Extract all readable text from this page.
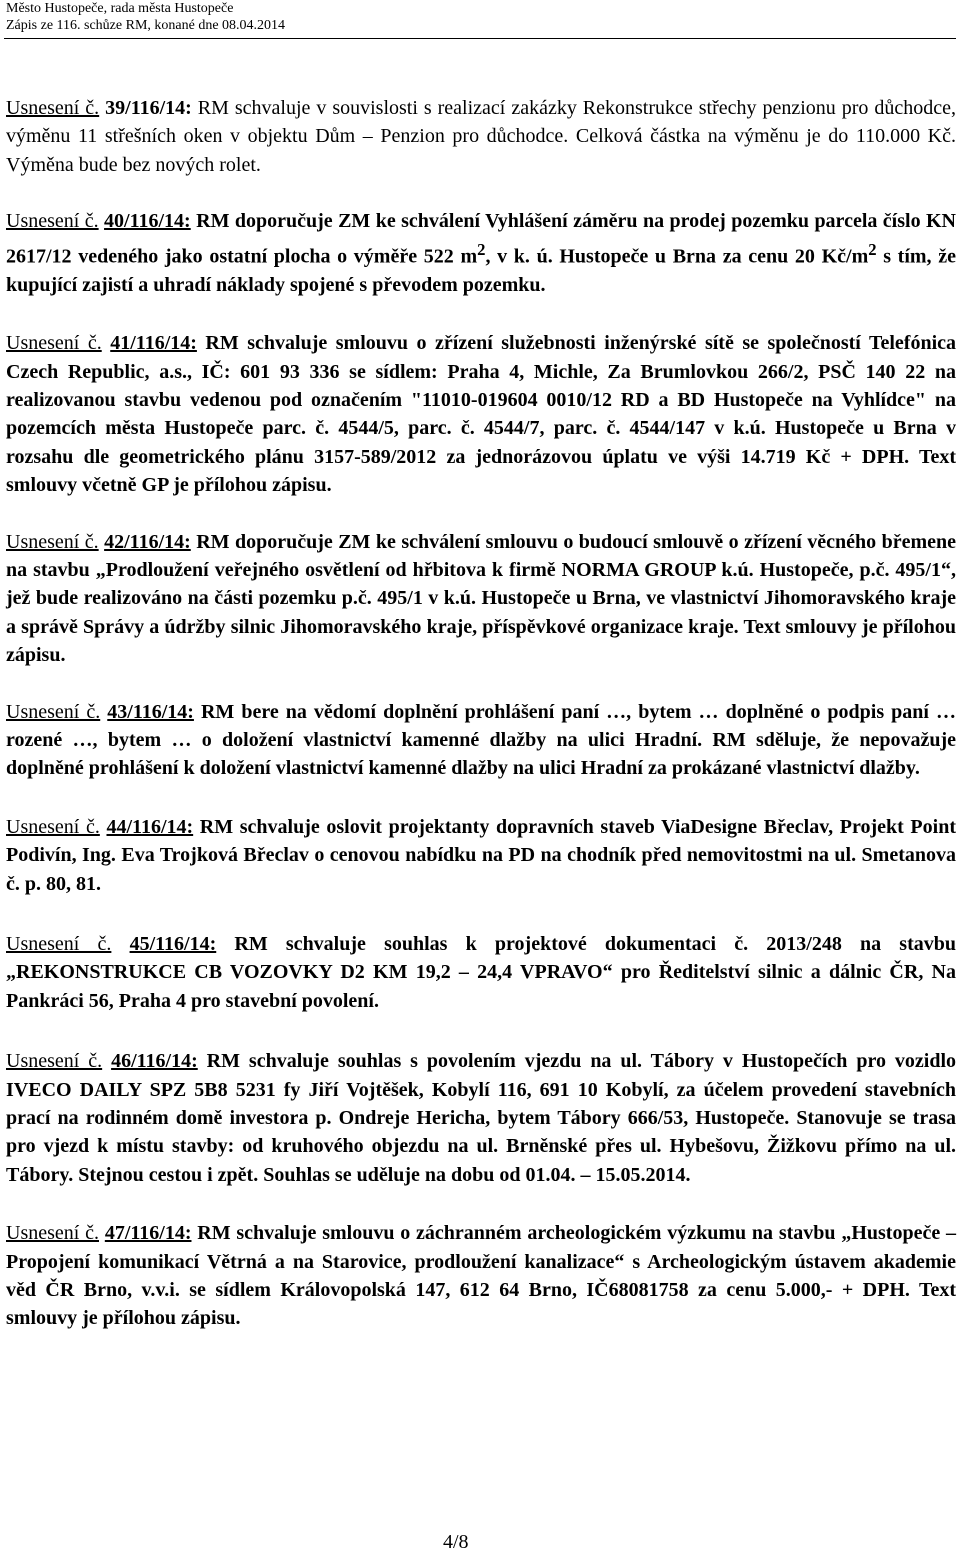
Město Hustopeče, rada města Hustopeče
Zápis ze 116. schůze RM, konané dne 08.04.2014

Usnesení č. 39/116/14: RM schvaluje v souvislosti s realizací zakázky Rekonstrukce střechy penzionu pro důchodce, výměnu 11 střešních oken v objektu Dům – Penzion pro důchodce. Celková částka na výměnu je do 110.000 Kč. Výměna bude bez nových rolet.

Usnesení č. 40/116/14: RM doporučuje ZM ke schválení Vyhlášení záměru na prodej pozemku parcela číslo KN 2617/12 vedeného jako ostatní plocha o výměře 522 $m^2$, v k. ú. Hustopeče u Brna za cenu 20 $Kč/m^2$ s tím, že kupující zajistí a uhradí náklady spojené s převodem pozemku.

Usnesení č. 41/116/14: RM schvaluje smlouvu o zřízení služebnosti inženýrské sítě se společností Telefónica Czech Republic, a.s., IČ: 601 93 336 se sídlem: Praha 4, Michle, Za Brumlovkou 266/2, PSČ 140 22 na realizovanou stavbu vedenou pod označením "11010-019604 0010/12 RD a BD Hustopeče na Vyhlídce" na pozemcích města Hustopeče parc. č. 4544/5, parc. č. 4544/7, parc. č. 4544/147 v k.ú. Hustopeče u Brna v rozsahu dle geometrického plánu 3157-589/2012 za jednorázovou úplatu ve výši 14.719 Kč + DPH. Text smlouvy včetně GP je přílohou zápisu.

Usnesení č. 42/116/14: RM doporučuje ZM ke schválení smlouvu o budoucí smlouvě o zřízení věcného břemene na stavbu „Prodloužení veřejného osvětlení od hřbitova k firmě NORMA GROUP k.ú. Hustopeče, p.č. 495/1“, jež bude realizováno na části pozemku p.č. 495/1 v k.ú. Hustopeče u Brna, ve vlastnictví Jihomoravského kraje a správě Správy a údržby silnic Jihomoravského kraje, příspěvkové organizace kraje. Text smlouvy je přílohou zápisu.

Usnesení č. 43/116/14: RM bere na vědomí doplnění prohlášení paní …, bytem … doplněné o podpis paní … rozené …, bytem … o doložení vlastnictví kamenné dlažby na ulici Hradní. RM sděluje, že nepovažuje doplněné prohlášení k doložení vlastnictví kamenné dlažby na ulici Hradní za prokázané vlastnictví dlažby.

Usnesení č. 44/116/14: RM schvaluje oslovit projektanty dopravních staveb ViaDesigne Břeclav, Projekt Point Podivín, Ing. Eva Trojková Břeclav o cenovou nabídku na PD na chodník před nemovitostmi na ul. Smetanova č. p. 80, 81.

Usnesení č. 45/116/14: RM schvaluje souhlas k projektové dokumentaci č. 2013/248 na stavbu „REKONSTRUKCE CB VOZOVKY D2 KM 19,2 – 24,4 VPRAVO“ pro Ředitelství silnic a dálnic ČR, Na Pankráci 56, Praha 4 pro stavební povolení.

Usnesení č. 46/116/14: RM schvaluje souhlas s povolením vjezdu na ul. Tábory v Hustopečích pro vozidlo IVECO DAILY SPZ 5B8 5231 fy Jiří Vojtěšek, Kobylí 116, 691 10 Kobylí, za účelem provedení stavebních prací na rodinném domě investora p. Ondreje Hericha, bytem Tábory 666/53, Hustopeče. Stanovuje se trasa pro vjezd k místu stavby: od kruhového objezdu na ul. Brněnské přes ul. Hybešovu, Žižkovu přímo na ul. Tábory. Stejnou cestou i zpět. Souhlas se uděluje na dobu od 01.04. – 15.05.2014.

Usnesení č. 47/116/14: RM schvaluje smlouvu o záchranném archeologickém výzkumu na stavbu „Hustopeče – Propojení komunikací Větrná a na Starovice, prodloužení kanalizace“ s Archeologickým ústavem akademie věd ČR Brno, v.v.i. se sídlem Královopolská 147, 612 64 Brno, IČ68081758 za cenu 5.000,- + DPH. Text smlouvy je přílohou zápisu.

4/8
